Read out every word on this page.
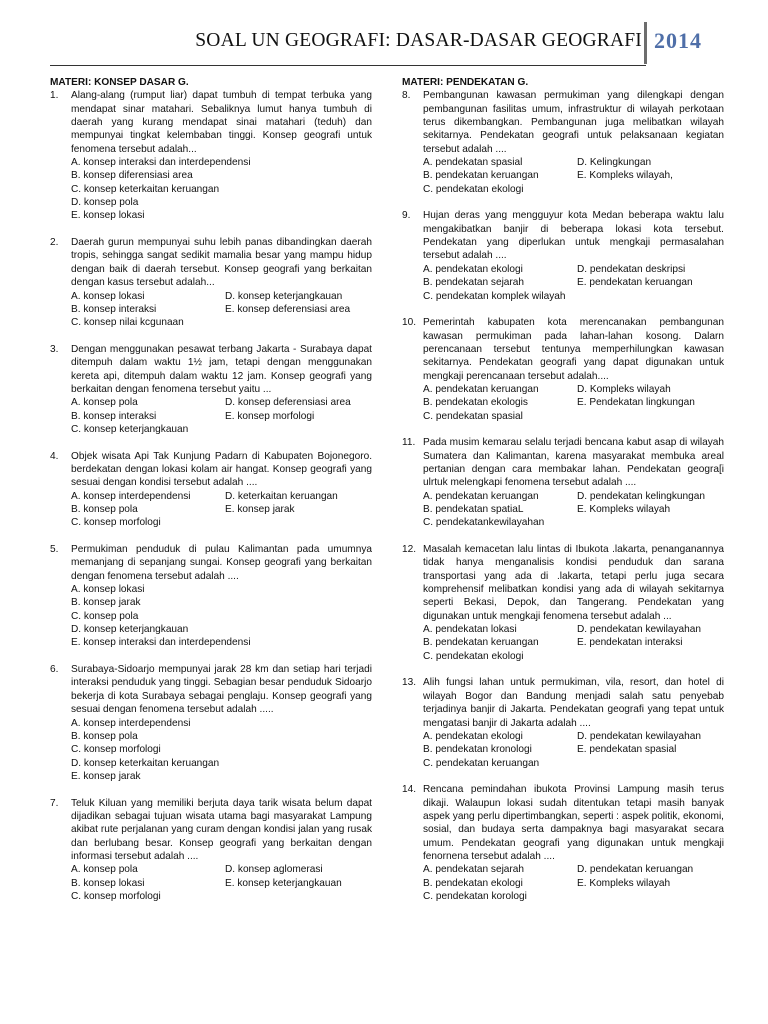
SOAL UN GEOGRAFI: DASAR-DASAR GEOGRAFI 2014
MATERI: KONSEP DASAR G.
1.	Alang-alang (rumput liar) dapat tumbuh di tempat terbuka yang mendapat sinar matahari. Sebaliknya lumut hanya tumbuh di daerah yang kurang mendapat sinai matahari (teduh) dan mempunyai tingkat kelembaban tinggi. Konsep geografi untuk fenomena tersebut adalah...
A. konsep interaksi dan interdependensi
B. konsep diferensiasi area
C. konsep keterkaitan keruangan
D. konsep pola
E. konsep lokasi
2.	Daerah gurun mempunyai suhu lebih panas dibandingkan daerah tropis, sehingga sangat sedikit mamalia besar yang mampu hidup dengan baik di daerah tersebut. Konsep geografi yang berkaitan dengan kasus tersebut adalah...
A. konsep lokasi	D. konsep keterjangkauan
B. konsep interaksi	E. konsep deferensiasi area
C. konsep nilai kcgunaan
3.	Dengan menggunakan pesawat terbang Jakarta - Surabaya dapat ditempuh dalam waktu 1½ jam, tetapi dengan menggunakan kereta api, ditempuh dalam waktu 12 jam. Konsep geografi yang berkaitan dengan fenomena tersebut yaitu ...
A. konsep pola	D. konsep deferensiasi area
B. konsep interaksi	E. konsep morfologi
C. konsep keterjangkauan
4.	Objek wisata Api Tak Kunjung Padarn di Kabupaten Bojonegoro. berdekatan dengan lokasi kolam air hangat. Konsep geografi yang sesuai dengan kondisi tersebut adalah ....
A. konsep interdependensi	D. keterkaitan keruangan
B. konsep pola	E. konsep jarak
C. konsep morfologi
5.	Permukiman penduduk di pulau Kalimantan pada umumnya memanjang di sepanjang sungai. Konsep geografi yang berkaitan dengan fenomena tersebut adalah ....
A. konsep lokasi
B. konsep jarak
C. konsep pola
D. konsep keterjangkauan
E. konsep interaksi dan interdependensi
6.	Surabaya-Sidoarjo mempunyai jarak 28 km dan setiap hari terjadi interaksi penduduk yang tinggi. Sebagian besar penduduk Sidoarjo bekerja di kota Surabaya sebagai penglaju. Konsep geografi yang sesuai dengan fenomena tersebut adalah .....
A. konsep interdependensi
B. konsep pola
C. konsep morfologi
D. konsep keterkaitan keruangan
E. konsep jarak
7.	Teluk Kiluan yang memiliki berjuta daya tarik wisata belum dapat dijadikan sebagai tujuan wisata utama bagi masyarakat Lampung akibat rute perjalanan yang curam dengan kondisi jalan yang rusak dan berlubang besar. Konsep geografi yang berkaitan dengan informasi tersebut adalah ....
A. konsep pola	D. konsep aglomerasi
B. konsep lokasi	E. konsep keterjangkauan
C. konsep morfologi
MATERI: PENDEKATAN G.
8.	Pembangunan kawasan permukiman yang dilengkapi dengan pembangunan fasilitas umum, infrastruktur di wilayah perkotaan terus dikembangkan. Pembangunan juga melibatkan wilayah sekitarnya. Pendekatan geografi untuk pelaksanaan kegiatan tersebut adalah ....
A. pendekatan spasial	D. Kelingkungan
B. pendekatan keruangan	E. Kompleks wilayah,
C. pendekatan ekologi
9.	Hujan deras yang mengguyur kota Medan beberapa waktu lalu mengakibatkan banjir di beberapa lokasi kota tersebut. Pendekatan yang diperlukan untuk mengkaji permasalahan tersebut adalah ....
A. pendekatan ekologi	D. pendekatan deskripsi
B. pendekatan sejarah	E. pendekatan keruangan
C. pendekatan komplek wilayah
10. Pemerintah kabupaten kota merencanakan pembangunan kawasan permukiman pada lahan-lahan kosong. Dalarn perencanaan tersebut tentunya memperhilungkan kawasan sekitarnya. Pendekatan geografi yang dapat digunakan untuk mengkaji perencanaan tersebut adalah....
A. pendekatan keruangan	D. Kompleks wilayah
B. pendekatan ekologis	E. Pendekatan lingkungan
C. pendekatan spasial
11. Pada musim kemarau selalu terjadi bencana kabut asap di wilayah Sumatera dan Kalimantan, karena masyarakat membuka areal pertanian dengan cara membakar lahan. Pendekatan geogra[i ulrtuk melengkapi fenomena tersebut adalah ....
A. pendekatan keruangan	D. pendekatan kelingkungan
B. pendekatan spatiaL	E. Kompleks wilayah
C. pendekatankewilayahan
12. Masalah kemacetan lalu lintas di Ibukota .lakarta, penanganannya tidak hanya menganalisis kondisi penduduk dan sarana transportasi yang ada di .lakarta, tetapi perlu juga secara komprehensif melibatkan kondisi yang ada di wilayah sekitarnya seperti Bekasi, Depok, dan Tangerang. Pendekatan yang digunakan untuk mengkaji fenomena tersebut adalah ...
A. pendekatan lokasi	D. pendekatan kewilayahan
B. pendekatan keruangan	E. pendekatan interaksi
C. pendekatan ekologi
13. Alih fungsi lahan untuk permukiman, vila, resort, dan hotel di wilayah Bogor dan Bandung menjadi salah satu penyebab terjadinya banjir di Jakarta. Pendekatan geografi yang tepat untuk mengatasi banjir di Jakarta adalah ....
A. pendekatan ekologi	D. pendekatan kewilayahan
B. pendekatan kronologi	E. pendekatan spasial
C. pendekatan keruangan
14. Rencana pemindahan ibukota Provinsi Lampung masih terus dikaji. Walaupun lokasi sudah ditentukan tetapi masih banyak aspek yang perlu dipertimbangkan, seperti : aspek politik, ekonomi, sosial, dan budaya serta dampaknya bagi masyarakat secara umum. Pendekatan geografi yang digunakan untuk mengkaji fenornena tersebut adalah ....
A. pendekatan sejarah	D. pendekatan keruangan
B. pendekatan ekologi	E. Kompleks wilayah
C. pendekatan korologi
